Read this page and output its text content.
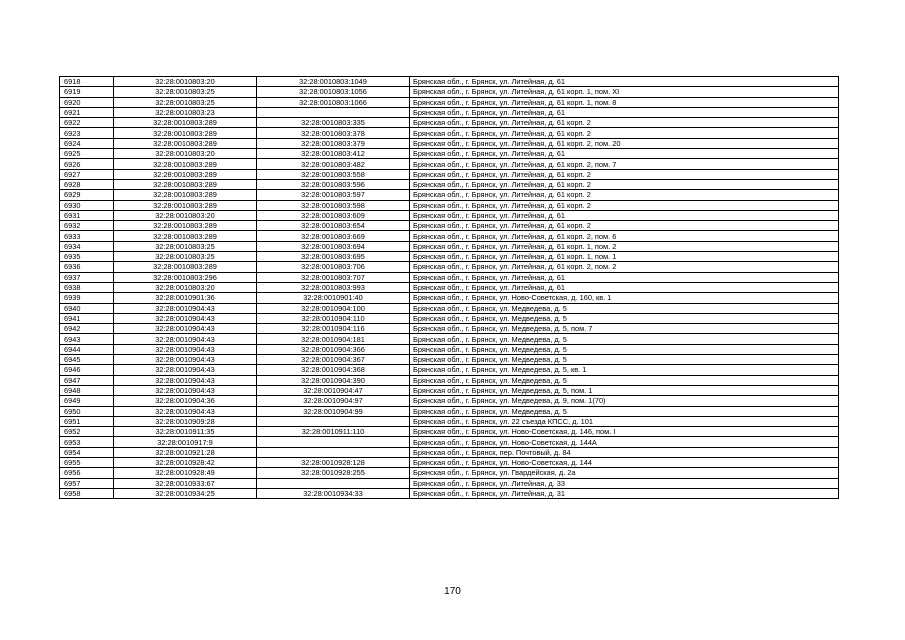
6918	32:28:0010803:20	32:28:0010803:1049	Брянская обл., г. Брянск, ул. Литейная, д. 61
6919	32:28:0010803:25	32:28:0010803:1056	Брянская обл., г. Брянск, ул. Литейная, д. 61 корп. 1, пом. XI
6920	32:28:0010803:25	32:28:0010803:1066	Брянская обл., г. Брянск, ул. Литейная, д. 61 корп. 1, пом. 8
6921	32:28:0010803:23		Брянская обл., г. Брянск, ул. Литейная, д. 61
6922	32:28:0010803:289	32:28:0010803:335	Брянская обл., г. Брянск, ул. Литейная, д. 61 корп. 2
6923	32:28:0010803:289	32:28:0010803:378	Брянская обл., г. Брянск, ул. Литейная, д. 61 корп. 2
6924	32:28:0010803:289	32:28:0010803:379	Брянская обл., г. Брянск, ул. Литейная, д. 61 корп. 2, пом. 20
6925	32:28:0010803:20	32:28:0010803:412	Брянская обл., г. Брянск, ул. Литейная, д. 61
6926	32:28:0010803:289	32:28:0010803:482	Брянская обл., г. Брянск, ул. Литейная, д. 61 корп. 2, пом. 7
6927	32:28:0010803:289	32:28:0010803:558	Брянская обл., г. Брянск, ул. Литейная, д. 61 корп. 2
6928	32:28:0010803:289	32:28:0010803:596	Брянская обл., г. Брянск, ул. Литейная, д. 61 корп. 2
6929	32:28:0010803:289	32:28:0010803:597	Брянская обл., г. Брянск, ул. Литейная, д. 61 корп. 2
6930	32:28:0010803:289	32:28:0010803:598	Брянская обл., г. Брянск, ул. Литейная, д. 61 корп. 2
6931	32:28:0010803:20	32:28:0010803:609	Брянская обл., г. Брянск, ул. Литейная, д. 61
6932	32:28:0010803:289	32:28:0010803:654	Брянская обл., г. Брянск, ул. Литейная, д. 61 корп. 2
6933	32:28:0010803:289	32:28:0010803:669	Брянская обл., г. Брянск, ул. Литейная, д. 61 корп. 2, пом. 6
6934	32:28:0010803:25	32:28:0010803:694	Брянская обл., г. Брянск, ул. Литейная, д. 61 корп. 1, пом. 2
6935	32:28:0010803:25	32:28:0010803:695	Брянская обл., г. Брянск, ул. Литейная, д. 61 корп. 1, пом. 1
6936	32:28:0010803:289	32:28:0010803:706	Брянская обл., г. Брянск, ул. Литейная, д. 61 корп. 2, пом. 2
6937	32:28:0010803:296	32:28:0010803:707	Брянская обл., г. Брянск, ул. Литейная, д. 61
6938	32:28:0010803:20	32:28:0010803:993	Брянская обл., г. Брянск, ул. Литейная, д. 61
6939	32:28:0010901:36	32:28:0010901:40	Брянская обл., г. Брянск, ул. Ново-Советская, д. 160, кв. 1
6940	32:28:0010904:43	32:28:0010904:100	Брянская обл., г. Брянск, ул. Медведева, д. 5
6941	32:28:0010904:43	32:28:0010904:110	Брянская обл., г. Брянск, ул. Медведева, д. 5
6942	32:28:0010904:43	32:28:0010904:116	Брянская обл., г. Брянск, ул. Медведева, д. 5, пом. 7
6943	32:28:0010904:43	32:28:0010904:181	Брянская обл., г. Брянск, ул. Медведева, д. 5
6944	32:28:0010904:43	32:28:0010904:366	Брянская обл., г. Брянск, ул. Медведева, д. 5
6945	32:28:0010904:43	32:28:0010904:367	Брянская обл., г. Брянск, ул. Медведева, д. 5
6946	32:28:0010904:43	32:28:0010904:368	Брянская обл., г. Брянск, ул. Медведева, д. 5, кв. 1
6947	32:28:0010904:43	32:28:0010904:390	Брянская обл., г. Брянск, ул. Медведева, д. 5
6948	32:28:0010904:43	32:28:0010904:47	Брянская обл., г. Брянск, ул. Медведева, д. 5, пом. 1
6949	32:28:0010904:36	32:28:0010904:97	Брянская обл., г. Брянск, ул. Медведева, д. 9, пом. 1(70)
6950	32:28:0010904:43	32:28:0010904:99	Брянская обл., г. Брянск, ул. Медведева, д. 5
6951	32:28:0010909:28		Брянская обл., г. Брянск, ул. 22 съезда КПСС, д. 101
6952	32:28:0010911:35	32:28:0010911:110	Брянская обл., г. Брянск, ул. Ново-Советская, д. 146, пом. I
6953	32:28:0010917:9		Брянская обл., г. Брянск, ул. Ново-Советская, д. 144А
6954	32:28:0010921:28		Брянская обл., г. Брянск, пер. Почтовый, д. 84
6955	32:28:0010928:42	32:28:0010928:128	Брянская обл., г. Брянск, ул. Ново-Советская, д. 144
6956	32:28:0010928:49	32:28:0010928:255	Брянская обл., г. Брянск, ул. Гвардейская, д. 2а
6957	32:28:0010933:67		Брянская обл., г. Брянск, ул. Литейная, д. 33
6958	32:28:0010934:25	32:28:0010934:33	Брянская обл., г. Брянск, ул. Литейная, д. 31
170
